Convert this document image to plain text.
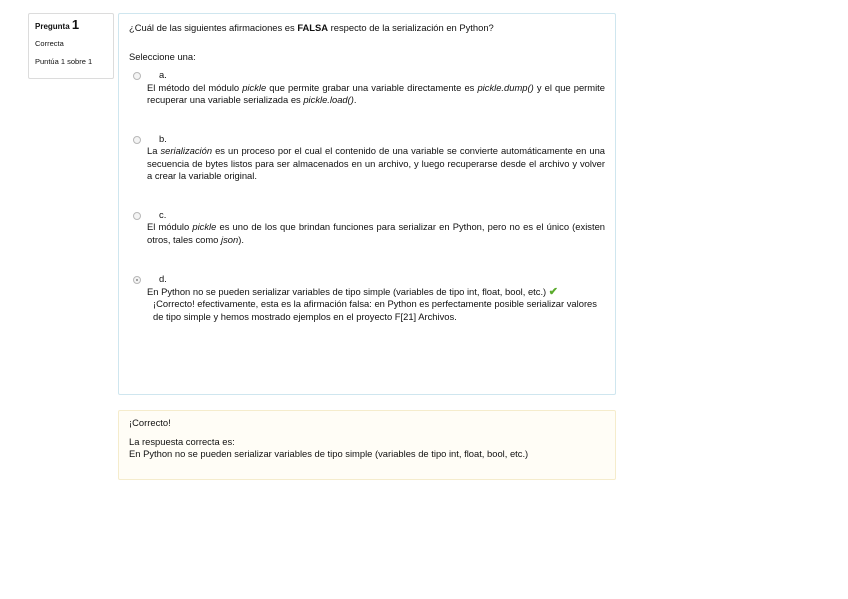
Pregunta 1
Correcta
Puntúa 1 sobre 1
¿Cuál de las siguientes afirmaciones es FALSA respecto de la serialización en Python?
Seleccione una:
a.
El método del módulo pickle que permite grabar una variable directamente es pickle.dump() y el que permite recuperar una variable serializada es pickle.load().
b.
La serialización es un proceso por el cual el contenido de una variable se convierte automáticamente en una secuencia de bytes listos para ser almacenados en un archivo, y luego recuperarse desde el archivo y volver a crear la variable original.
c.
El módulo pickle es uno de los que brindan funciones para serializar en Python, pero no es el único (existen otros, tales como json).
d.
En Python no se pueden serializar variables de tipo simple (variables de tipo int, float, bool, etc.) ✔
¡Correcto! efectivamente, esta es la afirmación falsa: en Python es perfectamente posible serializar valores de tipo simple y hemos mostrado ejemplos en el proyecto F[21] Archivos.
¡Correcto!
La respuesta correcta es:
En Python no se pueden serializar variables de tipo simple (variables de tipo int, float, bool, etc.)
